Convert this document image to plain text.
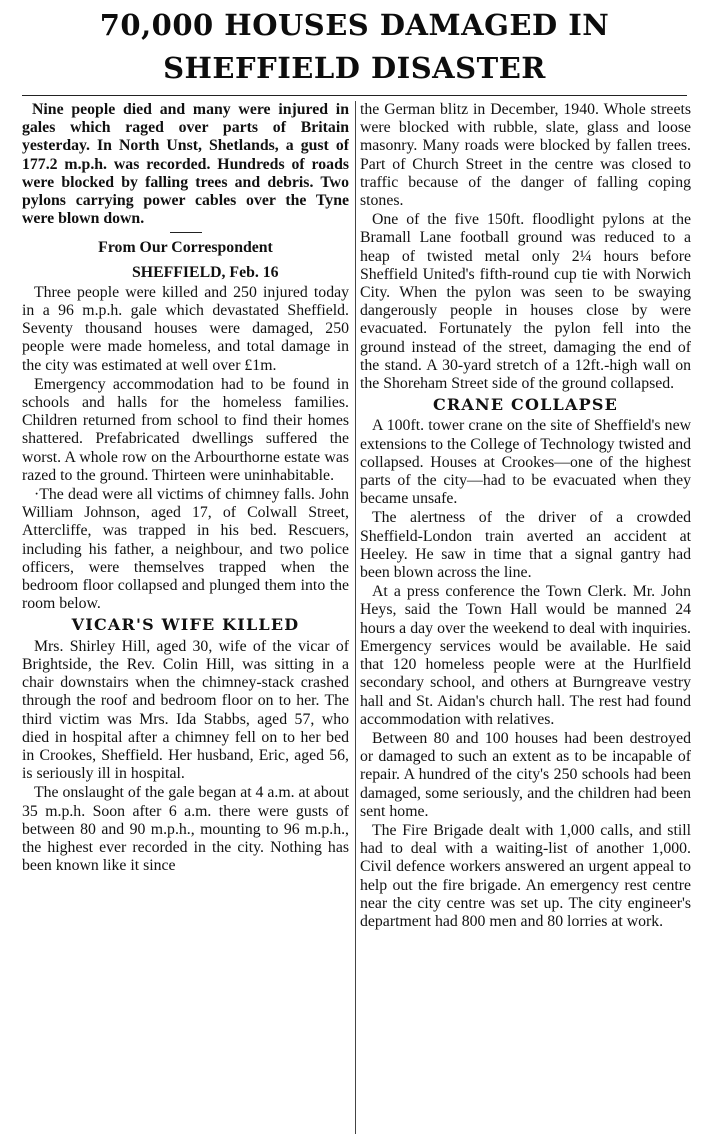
70,000 HOUSES DAMAGED IN
SHEFFIELD DISASTER

Nine people died and many were injured in gales which raged over parts of Britain yesterday. In North Unst, Shetlands, a gust of 177.2 m.p.h. was recorded. Hundreds of roads were blocked by falling trees and debris. Two pylons carrying power cables over the Tyne were blown down.

From Our Correspondent

SHEFFIELD, Feb. 16

Three people were killed and 250 injured today in a 96 m.p.h. gale which devastated Sheffield. Seventy thousand houses were damaged, 250 people were made homeless, and total damage in the city was estimated at well over £1m.

Emergency accommodation had to be found in schools and halls for the homeless families. Children returned from school to find their homes shattered. Prefabricated dwellings suffered the worst. A whole row on the Arbourthorne estate was razed to the ground. Thirteen were uninhabitable.

·The dead were all victims of chimney falls. John William Johnson, aged 17, of Colwall Street, Attercliffe, was trapped in his bed. Rescuers, including his father, a neighbour, and two police officers, were themselves trapped when the bedroom floor collapsed and plunged them into the room below.

VICAR'S WIFE KILLED

Mrs. Shirley Hill, aged 30, wife of the vicar of Brightside, the Rev. Colin Hill, was sitting in a chair downstairs when the chimney-stack crashed through the roof and bedroom floor on to her. The third victim was Mrs. Ida Stabbs, aged 57, who died in hospital after a chimney fell on to her bed in Crookes, Sheffield. Her husband, Eric, aged 56, is seriously ill in hospital.

The onslaught of the gale began at 4 a.m. at about 35 m.p.h. Soon after 6 a.m. there were gusts of between 80 and 90 m.p.h., mounting to 96 m.p.h., the highest ever recorded in the city. Nothing has been known like it since

the German blitz in December, 1940. Whole streets were blocked with rubble, slate, glass and loose masonry. Many roads were blocked by fallen trees. Part of Church Street in the centre was closed to traffic because of the danger of falling coping stones.

One of the five 150ft. floodlight pylons at the Bramall Lane football ground was reduced to a heap of twisted metal only 2¼ hours before Sheffield United's fifth-round cup tie with Norwich City. When the pylon was seen to be swaying dangerously people in houses close by were evacuated. Fortunately the pylon fell into the ground instead of the street, damaging the end of the stand. A 30-yard stretch of a 12ft.-high wall on the Shoreham Street side of the ground collapsed.

CRANE COLLAPSE

A 100ft. tower crane on the site of Sheffield's new extensions to the College of Technology twisted and collapsed. Houses at Crookes—one of the highest parts of the city—had to be evacuated when they became unsafe.

The alertness of the driver of a crowded Sheffield-London train averted an accident at Heeley. He saw in time that a signal gantry had been blown across the line.

At a press conference the Town Clerk. Mr. John Heys, said the Town Hall would be manned 24 hours a day over the weekend to deal with inquiries. Emergency services would be available. He said that 120 homeless people were at the Hurlfield secondary school, and others at Burngreave vestry hall and St. Aidan's church hall. The rest had found accommodation with relatives.

Between 80 and 100 houses had been destroyed or damaged to such an extent as to be incapable of repair. A hundred of the city's 250 schools had been damaged, some seriously, and the children had been sent home.

The Fire Brigade dealt with 1,000 calls, and still had to deal with a waiting-list of another 1,000. Civil defence workers answered an urgent appeal to help out the fire brigade. An emergency rest centre near the city centre was set up. The city engineer's department had 800 men and 80 lorries at work.
